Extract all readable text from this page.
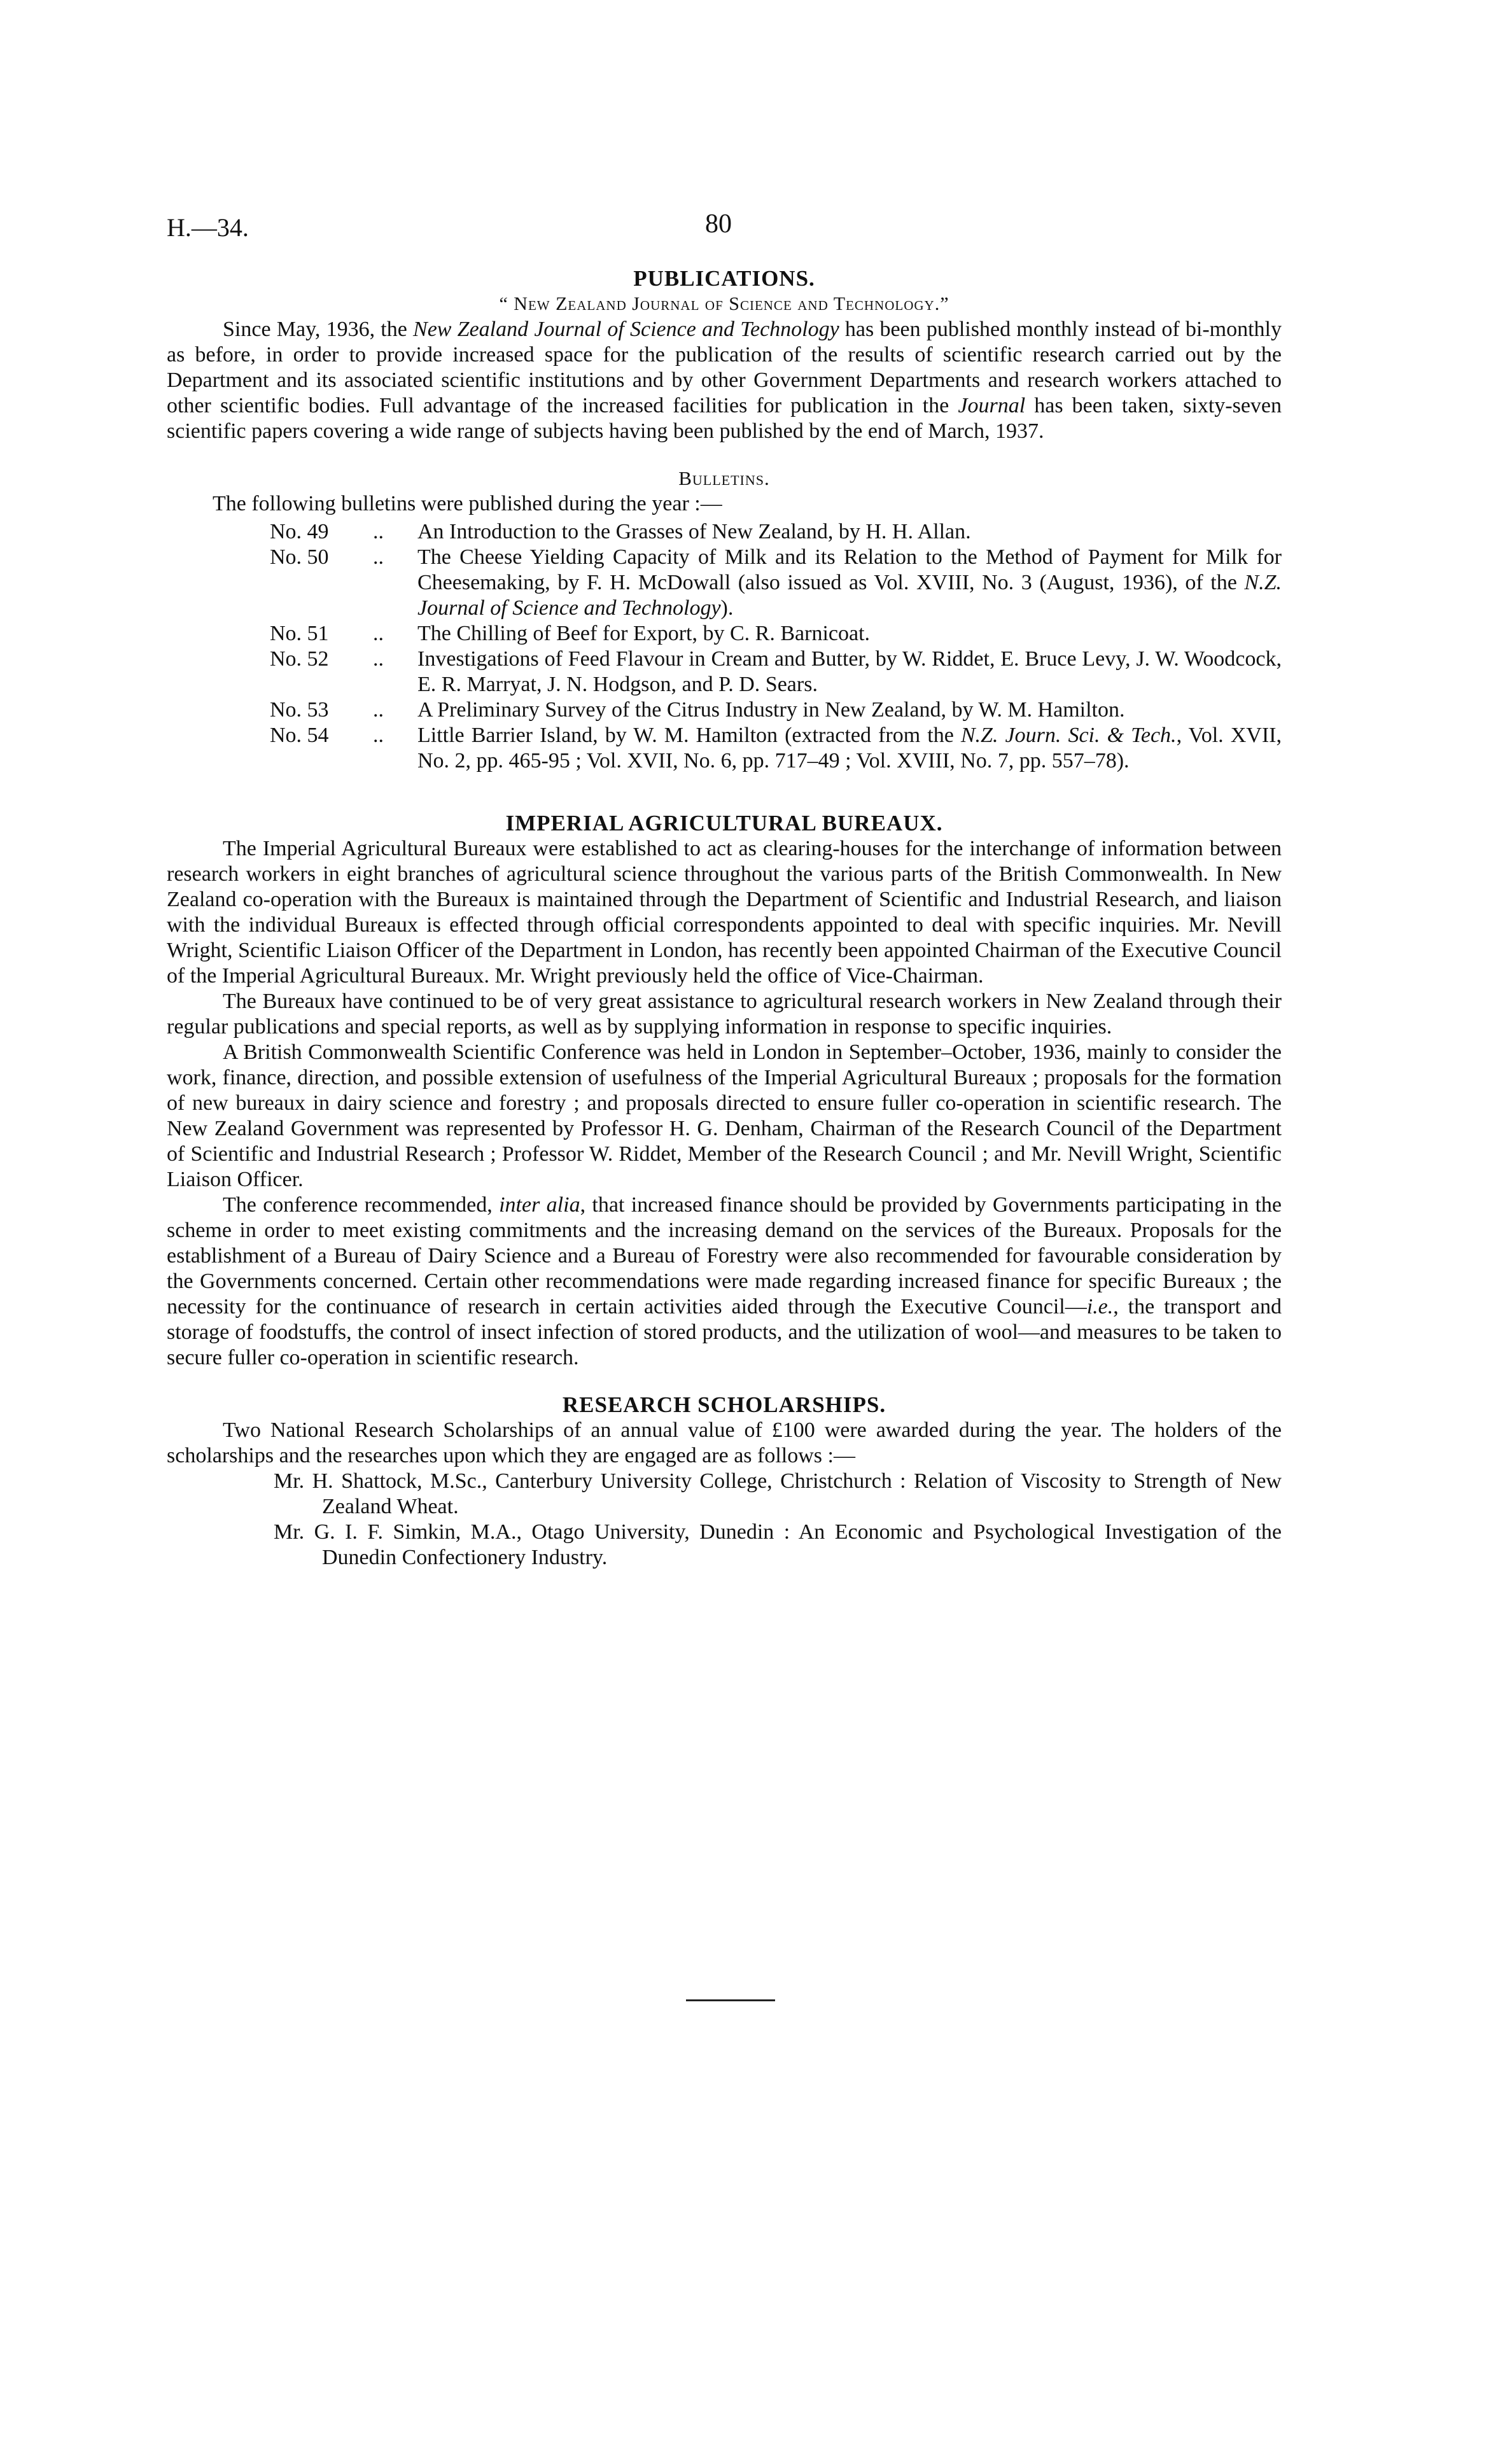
H.—34.	80
PUBLICATIONS.
“ New Zealand Journal of Science and Technology.”

Since May, 1936, the New Zealand Journal of Science and Technology has been published monthly instead of bi-monthly as before, in order to provide increased space for the publication of the results of scientific research carried out by the Department and its associated scientific institutions and by other Government Departments and research workers attached to other scientific bodies. Full advantage of the increased facilities for publication in the Journal has been taken, sixty-seven scientific papers covering a wide range of subjects having been published by the end of March, 1937.

Bulletins.

The following bulletins were published during the year :—

No. 49	..	An Introduction to the Grasses of New Zealand, by H. H. Allan.
No. 50	..	The Cheese Yielding Capacity of Milk and its Relation to the Method of Payment for Milk for Cheesemaking, by F. H. McDowall (also issued as Vol. XVIII, No. 3 (August, 1936), of the N.Z. Journal of Science and Technology).
No. 51	..	The Chilling of Beef for Export, by C. R. Barnicoat.
No. 52	..	Investigations of Feed Flavour in Cream and Butter, by W. Riddet, E. Bruce Levy, J. W. Woodcock, E. R. Marryat, J. N. Hodgson, and P. D. Sears.
No. 53	..	A Preliminary Survey of the Citrus Industry in New Zealand, by W. M. Hamilton.
No. 54	..	Little Barrier Island, by W. M. Hamilton (extracted from the N.Z. Journ. Sci. & Tech., Vol. XVII, No. 2, pp. 465-95 ; Vol. XVII, No. 6, pp. 717–49 ; Vol. XVIII, No. 7, pp. 557–78).
IMPERIAL AGRICULTURAL BUREAUX.

The Imperial Agricultural Bureaux were established to act as clearing-houses for the interchange of information between research workers in eight branches of agricultural science throughout the various parts of the British Commonwealth. In New Zealand co-operation with the Bureaux is maintained through the Department of Scientific and Industrial Research, and liaison with the individual Bureaux is effected through official correspondents appointed to deal with specific inquiries. Mr. Nevill Wright, Scientific Liaison Officer of the Department in London, has recently been appointed Chairman of the Executive Council of the Imperial Agricultural Bureaux. Mr. Wright previously held the office of Vice-Chairman.

The Bureaux have continued to be of very great assistance to agricultural research workers in New Zealand through their regular publications and special reports, as well as by supplying information in response to specific inquiries.

A British Commonwealth Scientific Conference was held in London in September–October, 1936, mainly to consider the work, finance, direction, and possible extension of usefulness of the Imperial Agricultural Bureaux ; proposals for the formation of new bureaux in dairy science and forestry ; and proposals directed to ensure fuller co-operation in scientific research. The New Zealand Government was represented by Professor H. G. Denham, Chairman of the Research Council of the Department of Scientific and Industrial Research ; Professor W. Riddet, Member of the Research Council ; and Mr. Nevill Wright, Scientific Liaison Officer.

The conference recommended, inter alia, that increased finance should be provided by Governments participating in the scheme in order to meet existing commitments and the increasing demand on the services of the Bureaux. Proposals for the establishment of a Bureau of Dairy Science and a Bureau of Forestry were also recommended for favourable consideration by the Governments concerned. Certain other recommendations were made regarding increased finance for specific Bureaux ; the necessity for the continuance of research in certain activities aided through the Executive Council—i.e., the transport and storage of foodstuffs, the control of insect infection of stored products, and the utilization of wool—and measures to be taken to secure fuller co-operation in scientific research.

RESEARCH SCHOLARSHIPS.

Two National Research Scholarships of an annual value of £100 were awarded during the year. The holders of the scholarships and the researches upon which they are engaged are as follows :—

Mr. H. Shattock, M.Sc., Canterbury University College, Christchurch : Relation of Viscosity to Strength of New Zealand Wheat.

Mr. G. I. F. Simkin, M.A., Otago University, Dunedin : An Economic and Psychological Investigation of the Dunedin Confectionery Industry.
